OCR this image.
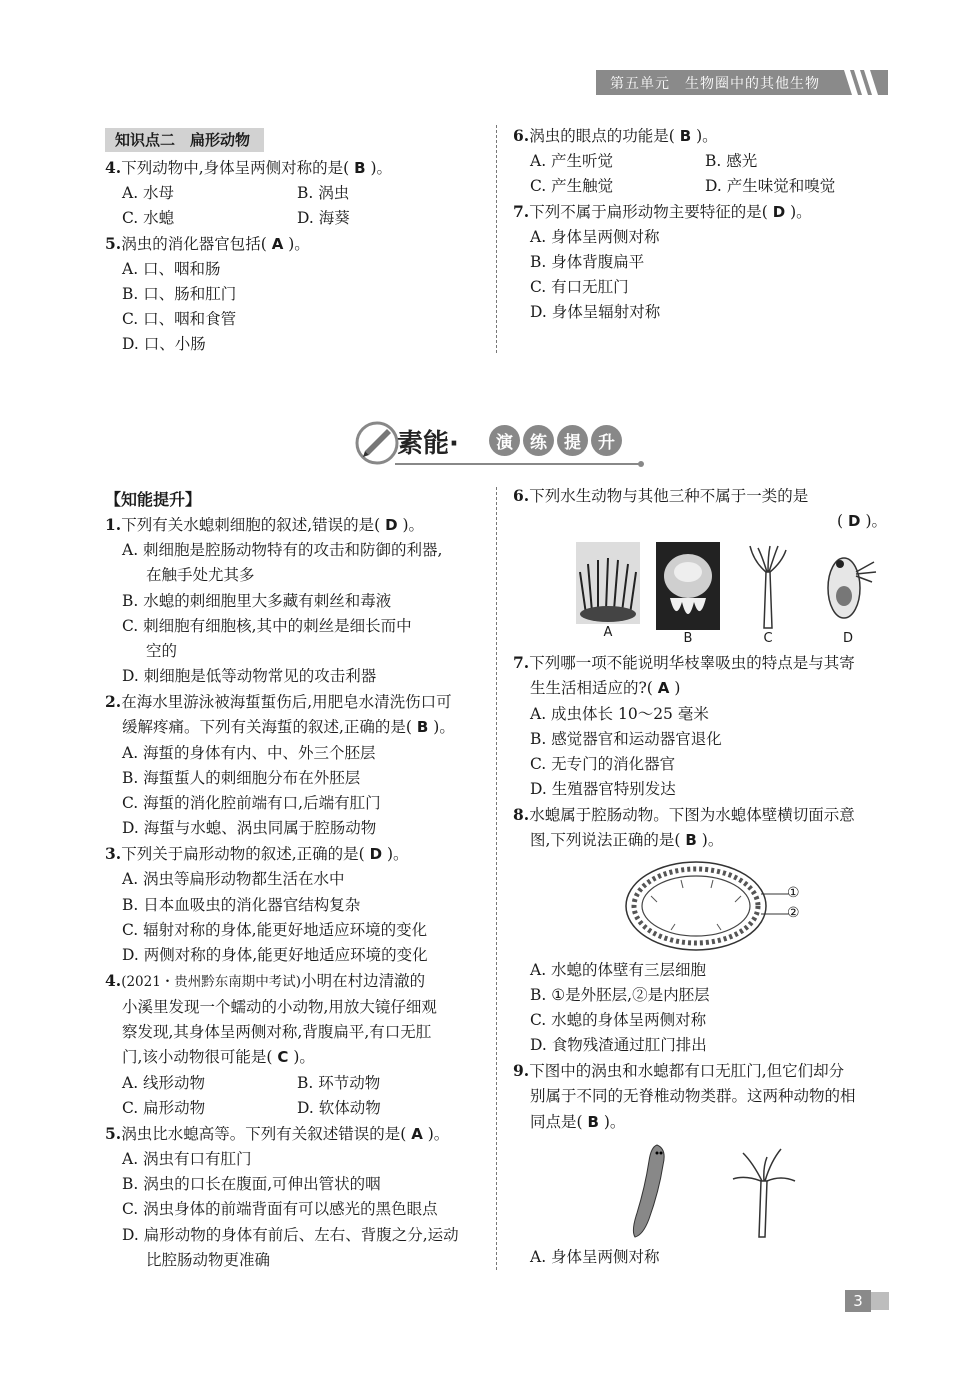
第五单元　生物圈中的其他生物
知识点二　扁形动物
4.下列动物中,身体呈两侧对称的是( B )。
A. 水母	B. 涡虫
C. 水螅	D. 海葵
5.涡虫的消化器官包括( A )。
A. 口、咽和肠
B. 口、肠和肛门
C. 口、咽和食管
D. 口、小肠
6.涡虫的眼点的功能是( B )。
A. 产生听觉	B. 感光
C. 产生触觉	D. 产生味觉和嗅觉
7.下列不属于扁形动物主要特征的是( D )。
A. 身体呈两侧对称
B. 身体背腹扁平
C. 有口无肛门
D. 身体呈辐射对称
素能·	演	练	提	升
【知能提升】
1.下列有关水螅刺细胞的叙述,错误的是( D )。
A. 刺细胞是腔肠动物特有的攻击和防御的利器,
在触手处尤其多
B. 水螅的刺细胞里大多藏有刺丝和毒液
C. 刺细胞有细胞核,其中的刺丝是细长而中
空的
D. 刺细胞是低等动物常见的攻击利器
2.在海水里游泳被海蜇蜇伤后,用肥皂水清洗伤口可
缓解疼痛。下列有关海蜇的叙述,正确的是( B )。
A. 海蜇的身体有内、中、外三个胚层
B. 海蜇蜇人的刺细胞分布在外胚层
C. 海蜇的消化腔前端有口,后端有肛门
D. 海蜇与水螅、涡虫同属于腔肠动物
3.下列关于扁形动物的叙述,正确的是( D )。
A. 涡虫等扁形动物都生活在水中
B. 日本血吸虫的消化器官结构复杂
C. 辐射对称的身体,能更好地适应环境的变化
D. 两侧对称的身体,能更好地适应环境的变化
4.(2021・贵州黔东南期中考试)小明在村边清澈的
小溪里发现一个蠕动的小动物,用放大镜仔细观
察发现,其身体呈两侧对称,背腹扁平,有口无肛
门,该小动物很可能是( C )。
A. 线形动物	B. 环节动物
C. 扁形动物	D. 软体动物
5.涡虫比水螅高等。下列有关叙述错误的是( A )。
A. 涡虫有口有肛门
B. 涡虫的口长在腹面,可伸出管状的咽
C. 涡虫身体的前端背面有可以感光的黑色眼点
D. 扁形动物的身体有前后、左右、背腹之分,运动
比腔肠动物更准确
6.下列水生动物与其他三种不属于一类的是
( D )。
A	B	C	D
7.下列哪一项不能说明华枝睾吸虫的特点是与其寄
生生活相适应的?( A )
A. 成虫体长 10～25 毫米
B. 感觉器官和运动器官退化
C. 无专门的消化器官
D. 生殖器官特别发达
8.水螅属于腔肠动物。下图为水螅体壁横切面示意
图,下列说法正确的是( B )。
①
②
A. 水螅的体壁有三层细胞
B. ①是外胚层,②是内胚层
C. 水螅的身体呈两侧对称
D. 食物残渣通过肛门排出
9.下图中的涡虫和水螅都有口无肛门,但它们却分
别属于不同的无脊椎动物类群。这两种动物的相
同点是( B )。
A. 身体呈两侧对称
3
